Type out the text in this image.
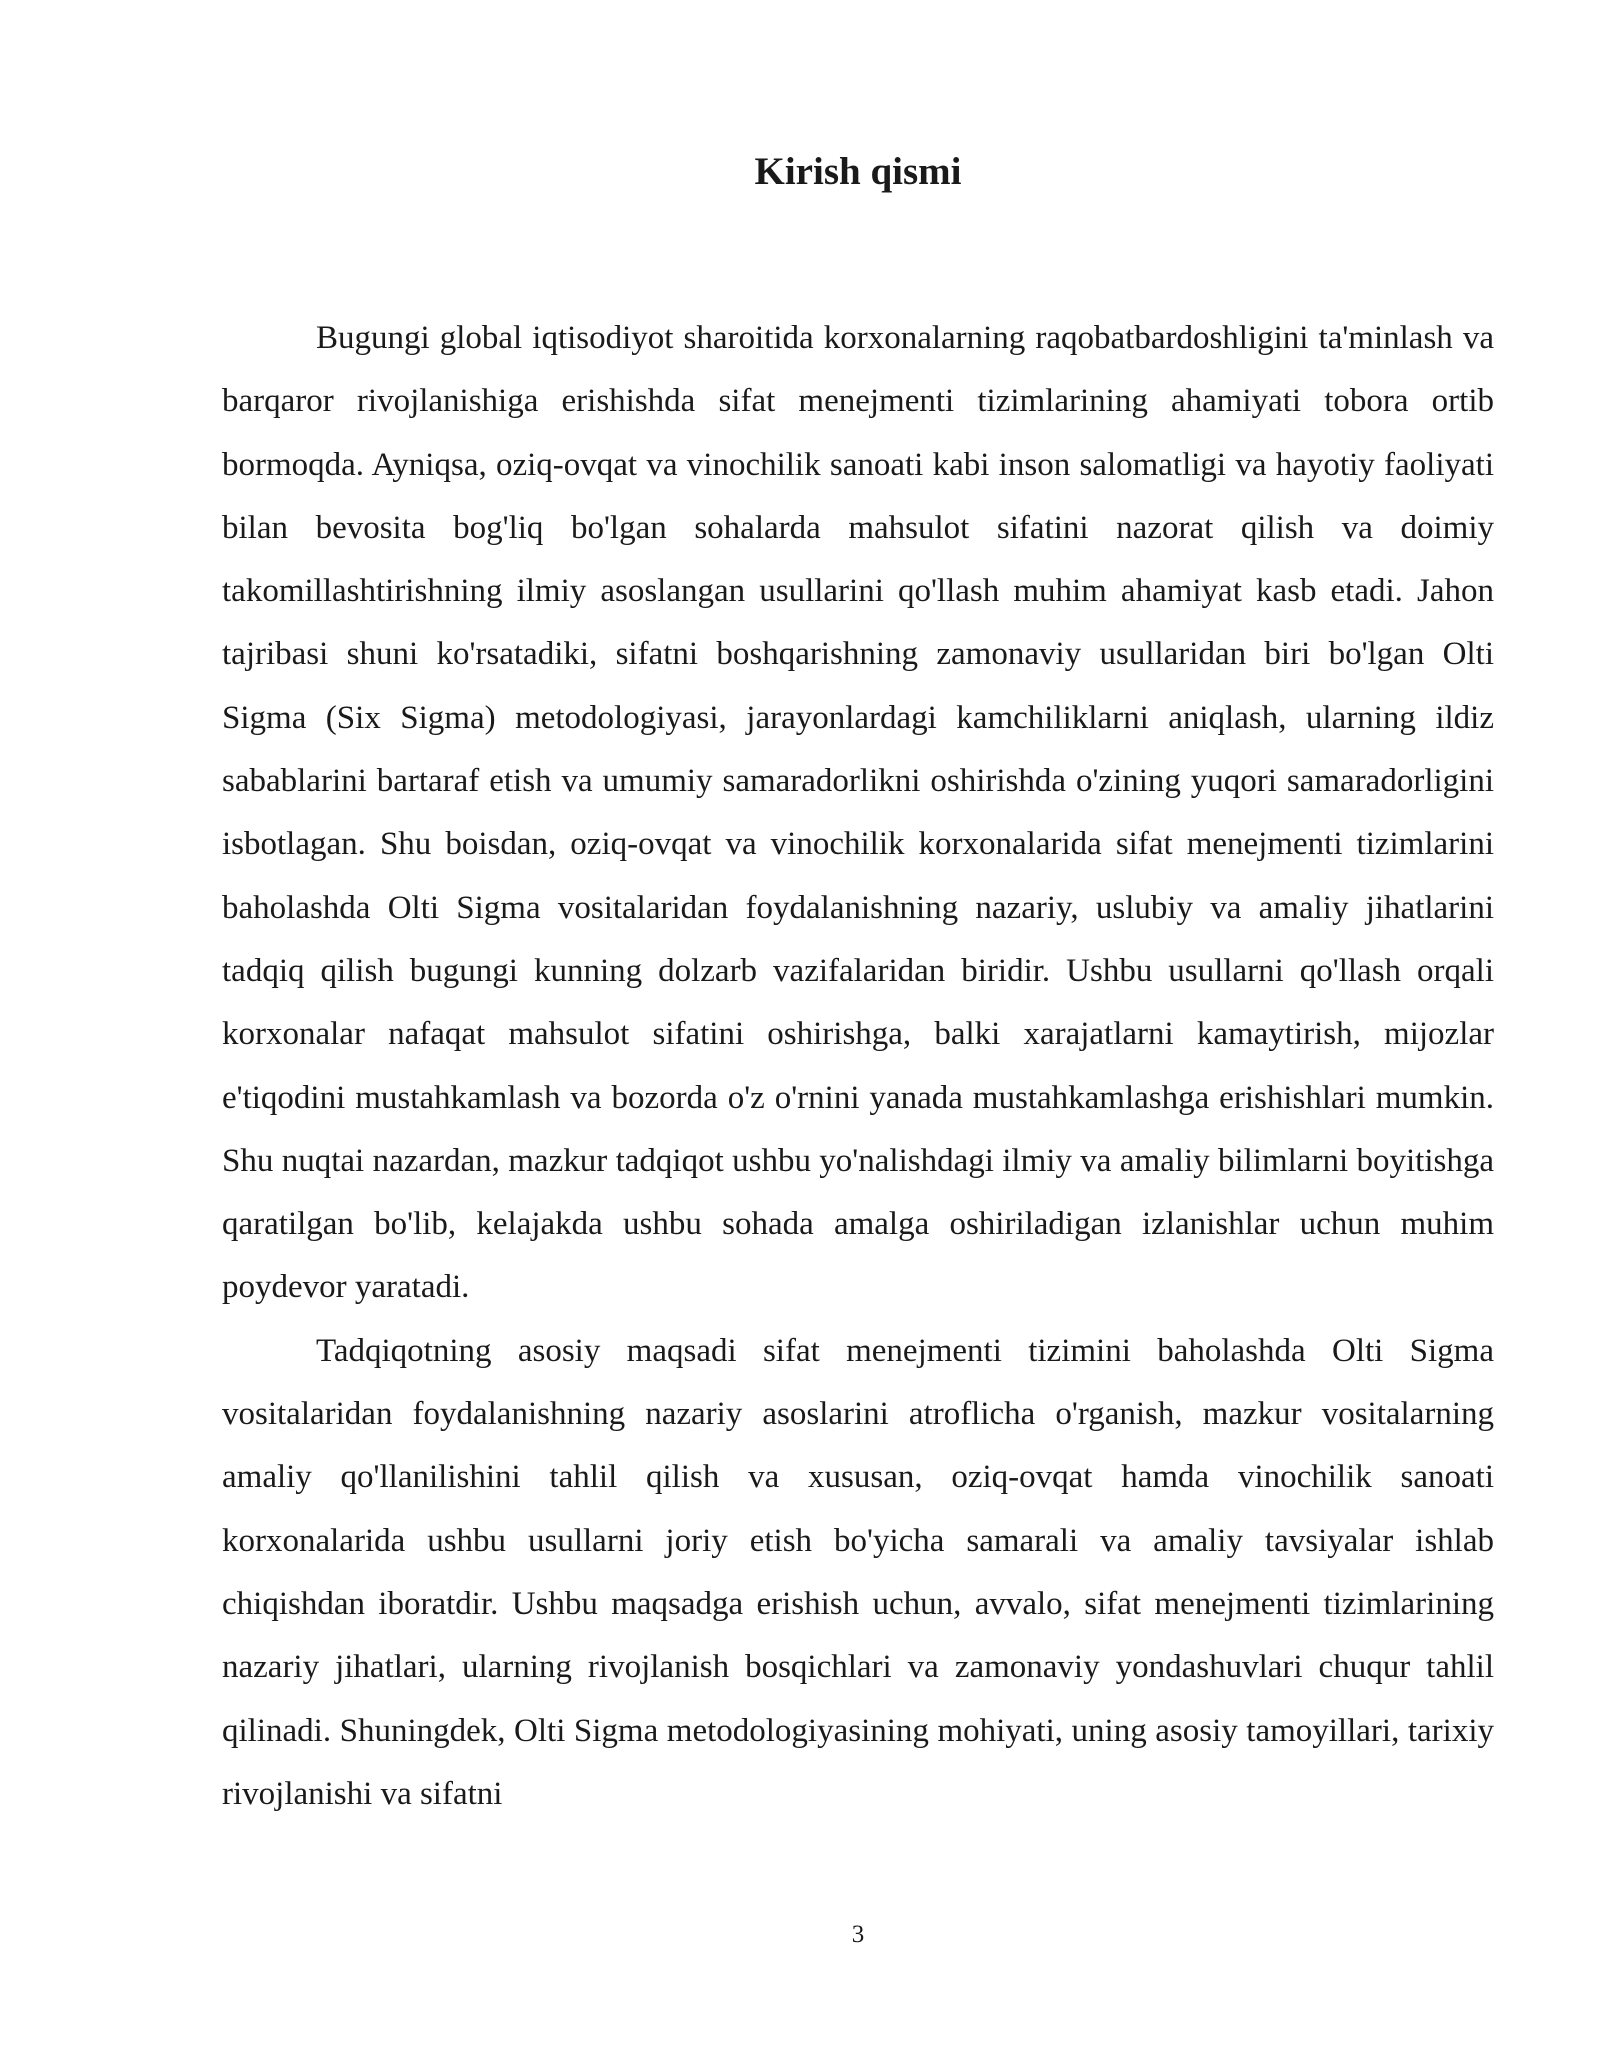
Kirish qismi

Bugungi global iqtisodiyot sharoitida korxonalarning raqobatbardoshligini ta'minlash va barqaror rivojlanishiga erishishda sifat menejmenti tizimlarining ahamiyati tobora ortib bormoqda. Ayniqsa, oziq-ovqat va vinochilik sanoati kabi inson salomatligi va hayotiy faoliyati bilan bevosita bog'liq bo'lgan sohalarda mahsulot sifatini nazorat qilish va doimiy takomillashtirishning ilmiy asoslangan usullarini qo'llash muhim ahamiyat kasb etadi. Jahon tajribasi shuni ko'rsatadiki, sifatni boshqarishning zamonaviy usullaridan biri bo'lgan Olti Sigma (Six Sigma) metodologiyasi, jarayonlardagi kamchiliklarni aniqlash, ularning ildiz sabablarini bartaraf etish va umumiy samaradorlikni oshirishda o'zining yuqori samaradorligini isbotlagan. Shu boisdan, oziq-ovqat va vinochilik korxonalarida sifat menejmenti tizimlarini baholashda Olti Sigma vositalaridan foydalanishning nazariy, uslubiy va amaliy jihatlarini tadqiq qilish bugungi kunning dolzarb vazifalaridan biridir. Ushbu usullarni qo'llash orqali korxonalar nafaqat mahsulot sifatini oshirishga, balki xarajatlarni kamaytirish, mijozlar e'tiqodini mustahkamlash va bozorda o'z o'rnini yanada mustahkamlashga erishishlari mumkin. Shu nuqtai nazardan, mazkur tadqiqot ushbu yo'nalishdagi ilmiy va amaliy bilimlarni boyitishga qaratilgan bo'lib, kelajakda ushbu sohada amalga oshiriladigan izlanishlar uchun muhim poydevor yaratadi.

Tadqiqotning asosiy maqsadi sifat menejmenti tizimini baholashda Olti Sigma vositalaridan foydalanishning nazariy asoslarini atroflicha o'rganish, mazkur vositalarning amaliy qo'llanilishini tahlil qilish va xususan, oziq-ovqat hamda vinochilik sanoati korxonalarida ushbu usullarni joriy etish bo'yicha samarali va amaliy tavsiyalar ishlab chiqishdan iboratdir. Ushbu maqsadga erishish uchun, avvalo, sifat menejmenti tizimlarining nazariy jihatlari, ularning rivojlanish bosqichlari va zamonaviy yondashuvlari chuqur tahlil qilinadi. Shuningdek, Olti Sigma metodologiyasining mohiyati, uning asosiy tamoyillari, tarixiy rivojlanishi va sifatni

3
